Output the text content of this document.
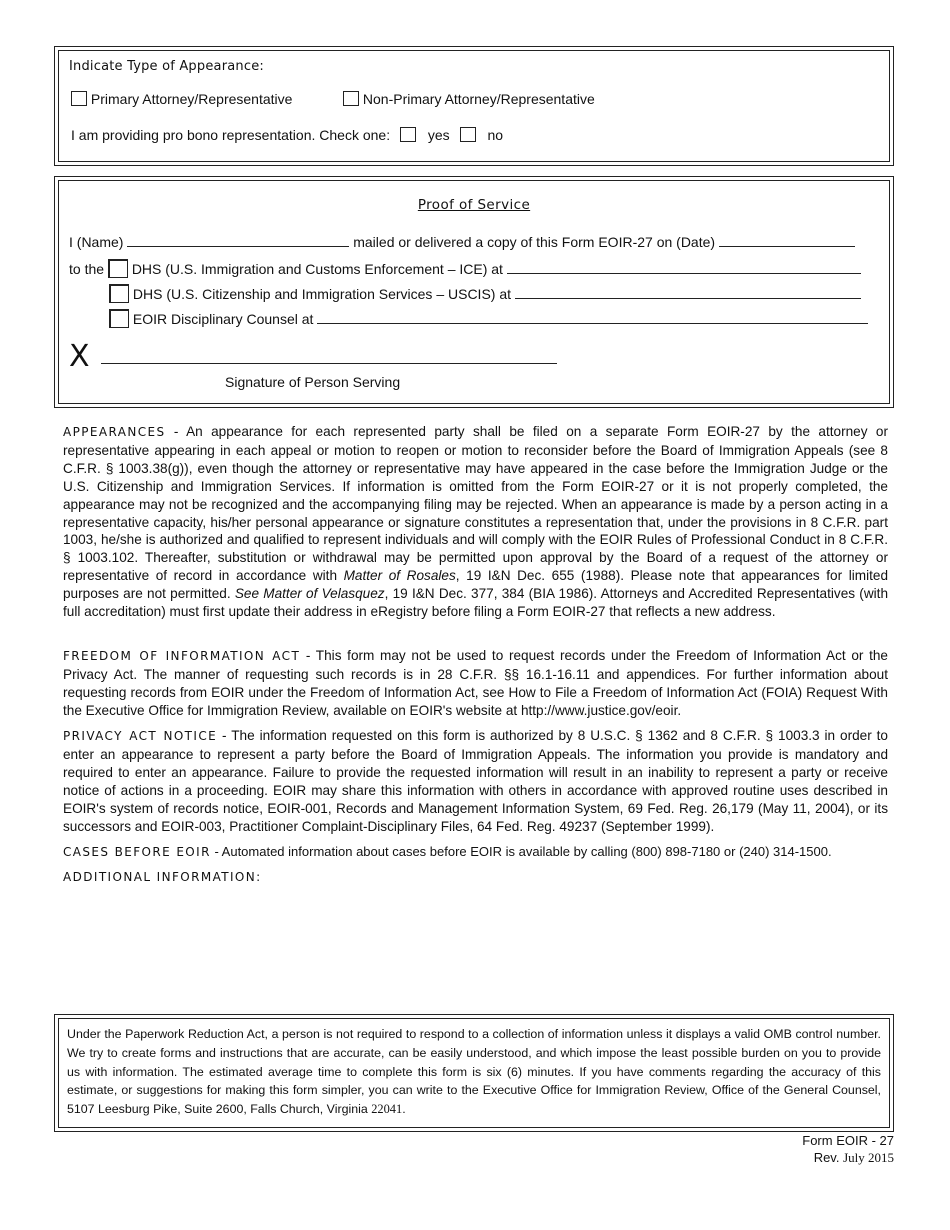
Indicate Type of Appearance:
Primary Attorney/Representative	Non-Primary Attorney/Representative
I am providing pro bono representation. Check one:	yes	no
Proof of Service
I (Name)	mailed or delivered a copy of this Form EOIR-27 on (Date)
to the DHS (U.S. Immigration and Customs Enforcement – ICE) at
DHS (U.S. Citizenship and Immigration Services – USCIS) at
EOIR Disciplinary Counsel at
X
Signature of Person Serving

APPEARANCES - An appearance for each represented party shall be filed on a separate Form EOIR-27 by the attorney or representative appearing in each appeal or motion to reopen or motion to reconsider before the Board of Immigration Appeals (see 8 C.F.R. § 1003.38(g)), even though the attorney or representative may have appeared in the case before the Immigration Judge or the U.S. Citizenship and Immigration Services. If information is omitted from the Form EOIR-27 or it is not properly completed, the appearance may not be recognized and the accompanying filing may be rejected. When an appearance is made by a person acting in a representative capacity, his/her personal appearance or signature constitutes a representation that, under the provisions in 8 C.F.R. part 1003, he/she is authorized and qualified to represent individuals and will comply with the EOIR Rules of Professional Conduct in 8 C.F.R. § 1003.102. Thereafter, substitution or withdrawal may be permitted upon approval by the Board of a request of the attorney or representative of record in accordance with Matter of Rosales, 19 I&N Dec. 655 (1988). Please note that appearances for limited purposes are not permitted. See Matter of Velasquez, 19 I&N Dec. 377, 384 (BIA 1986). Attorneys and Accredited Representatives (with full accreditation) must first update their address in eRegistry before filing a Form EOIR-27 that reflects a new address.

FREEDOM OF INFORMATION ACT - This form may not be used to request records under the Freedom of Information Act or the Privacy Act. The manner of requesting such records is in 28 C.F.R. §§ 16.1-16.11 and appendices. For further information about requesting records from EOIR under the Freedom of Information Act, see How to File a Freedom of Information Act (FOIA) Request With the Executive Office for Immigration Review, available on EOIR's website at http://www.justice.gov/eoir.

PRIVACY ACT NOTICE - The information requested on this form is authorized by 8 U.S.C. § 1362 and 8 C.F.R. § 1003.3 in order to enter an appearance to represent a party before the Board of Immigration Appeals. The information you provide is mandatory and required to enter an appearance. Failure to provide the requested information will result in an inability to represent a party or receive notice of actions in a proceeding. EOIR may share this information with others in accordance with approved routine uses described in EOIR's system of records notice, EOIR-001, Records and Management Information System, 69 Fed. Reg. 26,179 (May 11, 2004), or its successors and EOIR-003, Practitioner Complaint-Disciplinary Files, 64 Fed. Reg. 49237 (September 1999).

CASES BEFORE EOIR - Automated information about cases before EOIR is available by calling (800) 898-7180 or (240) 314-1500.

ADDITIONAL INFORMATION:

Under the Paperwork Reduction Act, a person is not required to respond to a collection of information unless it displays a valid OMB control number. We try to create forms and instructions that are accurate, can be easily understood, and which impose the least possible burden on you to provide us with information. The estimated average time to complete this form is six (6) minutes. If you have comments regarding the accuracy of this estimate, or suggestions for making this form simpler, you can write to the Executive Office for Immigration Review, Office of the General Counsel, 5107 Leesburg Pike, Suite 2600, Falls Church, Virginia 22041.

Form EOIR - 27
Rev. July 2015
